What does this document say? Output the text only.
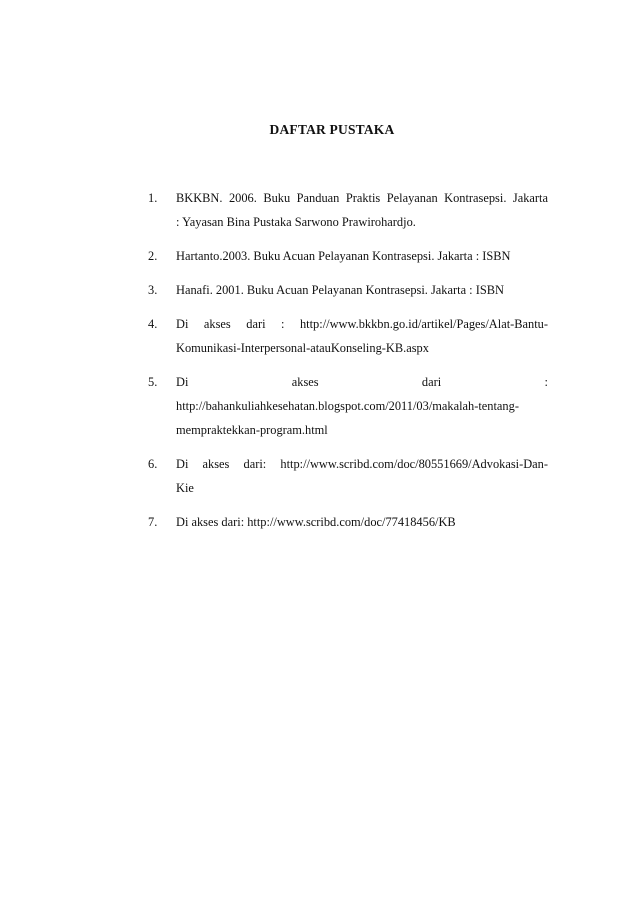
DAFTAR PUSTAKA
1. BKKBN. 2006. Buku Panduan Praktis Pelayanan Kontrasepsi. Jakarta
: Yayasan Bina Pustaka Sarwono Prawirohardjo.
2. Hartanto.2003. Buku Acuan Pelayanan Kontrasepsi. Jakarta : ISBN
3. Hanafi. 2001. Buku Acuan Pelayanan Kontrasepsi. Jakarta : ISBN
4. Di akses dari : http://www.bkkbn.go.id/artikel/Pages/Alat-Bantu-
Komunikasi-Interpersonal-atauKonseling-KB.aspx
5. Di akses dari :
http://bahankuliahkesehatan.blogspot.com/2011/03/makalah-tentang-
mempraktekkan-program.html
6. Di akses dari: http://www.scribd.com/doc/80551669/Advokasi-Dan-
Kie
7. Di akses dari: http://www.scribd.com/doc/77418456/KB
